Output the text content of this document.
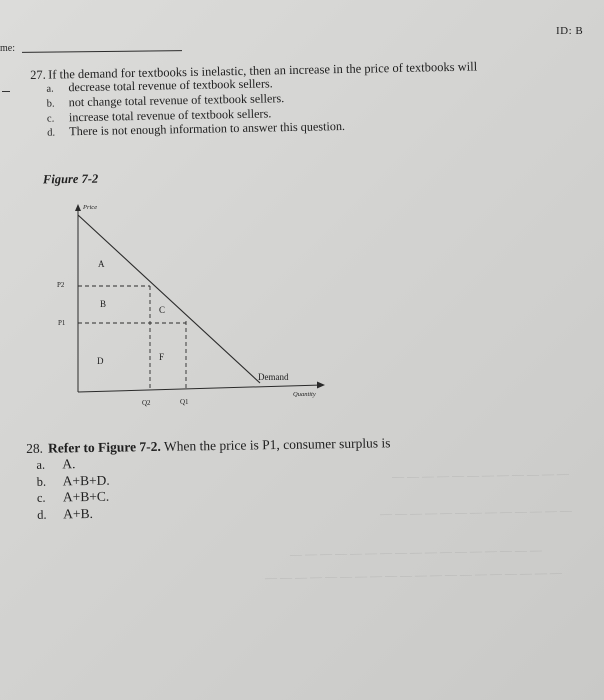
ID: B
me:
— — — — — — — — — — — —
— — — — — — — — — — — — —
— — — — — — — — — — — — — — — — —
— — — — — — — — — — — — — — — — — — — —
27. If the demand for textbooks is inelastic, then an increase in the price of textbooks will
a.	decrease total revenue of textbook sellers.
b.	not change total revenue of textbook sellers.
c.	increase total revenue of textbook sellers.
d.	There is not enough information to answer this question.
Figure 7-2
Price
P2
P1
A
B
C
D	F
Demand
Quantity
Q2	Q1
28. Refer to Figure 7-2. When the price is P1, consumer surplus is
a.	A.
b.	A+B+D.
c.	A+B+C.
d.	A+B.
